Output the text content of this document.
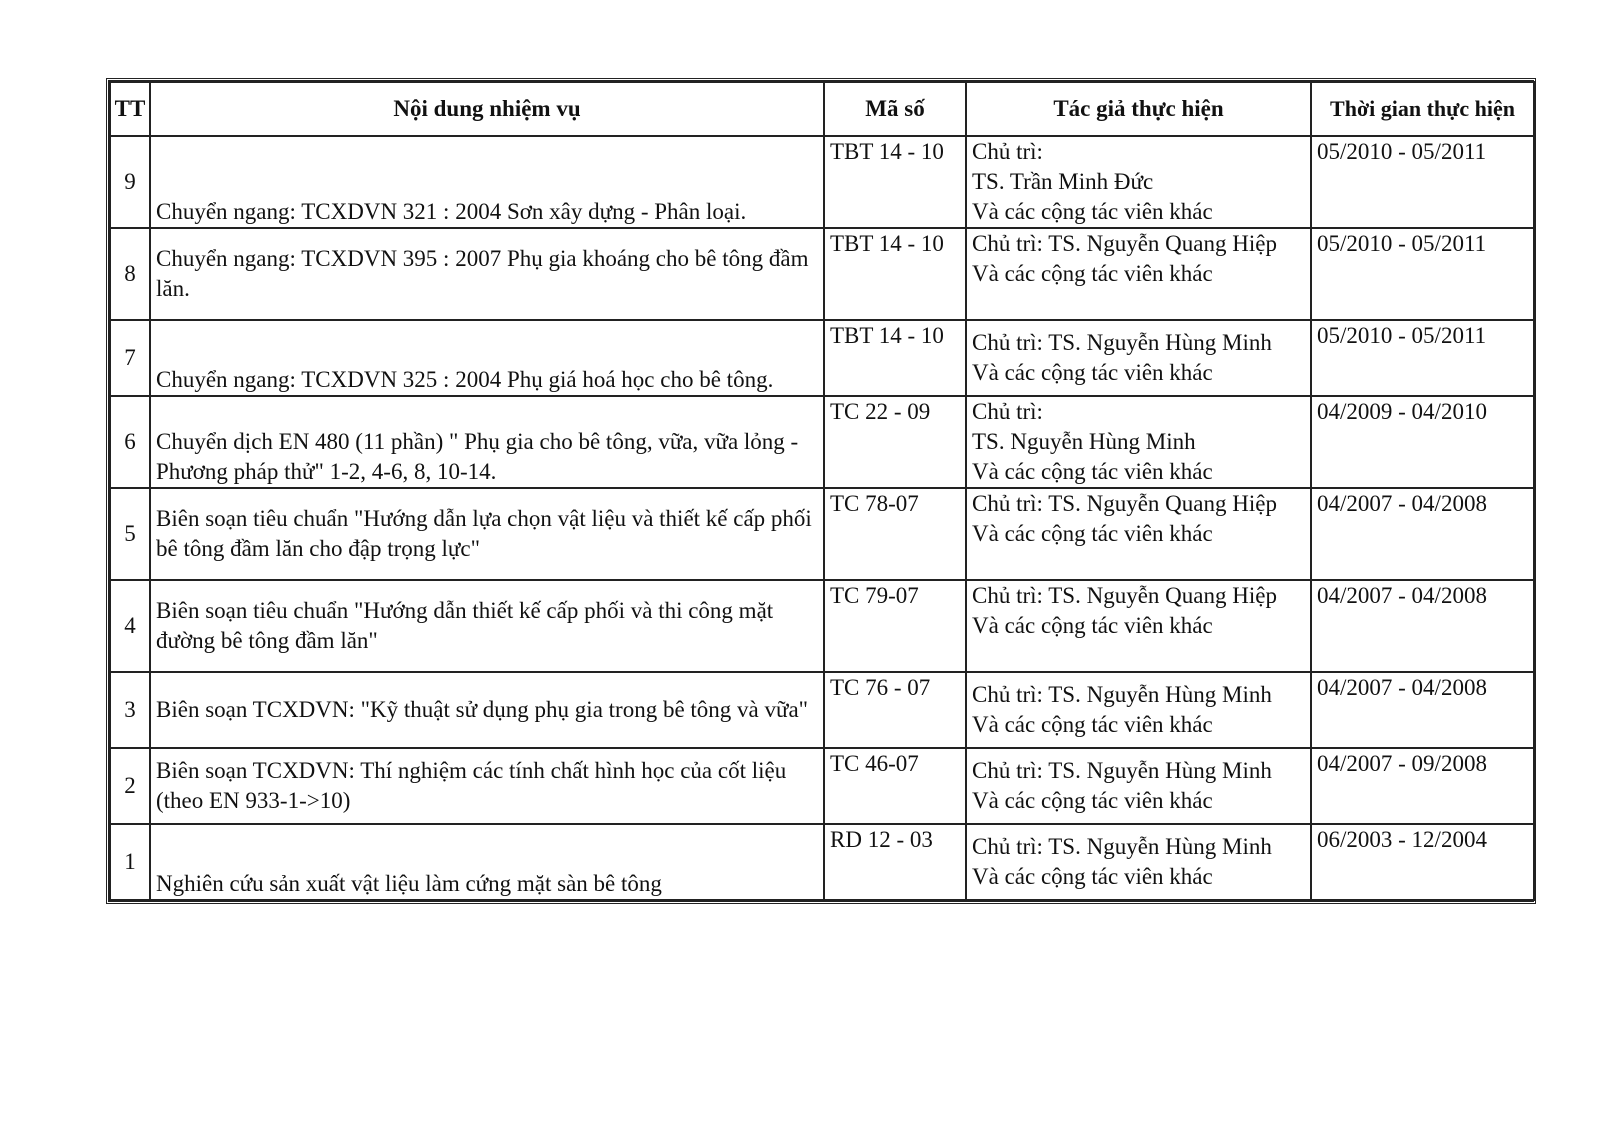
TT	Nội dung nhiệm vụ	Mã số	Tác giả thực hiện	Thời gian thực hiện
9	Chuyển ngang: TCXDVN 321 : 2004 Sơn xây dựng - Phân loại.	TBT 14 - 10	Chủ trì:
TS. Trần Minh Đức
Và các cộng tác viên khác	05/2010 - 05/2011
8	Chuyển ngang: TCXDVN 395 : 2007 Phụ gia khoáng cho bê tông đầm lăn.	TBT 14 - 10	Chủ trì: TS. Nguyễn Quang Hiệp
Và các cộng tác viên khác	05/2010 - 05/2011
7	Chuyển ngang: TCXDVN 325 : 2004 Phụ giá hoá học cho bê tông.	TBT 14 - 10	Chủ trì: TS. Nguyễn Hùng Minh
Và các cộng tác viên khác	05/2010 - 05/2011
6	Chuyển dịch EN 480 (11 phần) " Phụ gia cho bê tông, vữa, vữa lỏng - Phương pháp thử" 1-2, 4-6, 8, 10-14.	TC 22 - 09	Chủ trì:
TS. Nguyễn Hùng Minh
Và các cộng tác viên khác	04/2009 - 04/2010
5	Biên soạn tiêu chuẩn "Hướng dẫn lựa chọn vật liệu và thiết kế cấp phối bê tông đầm lăn cho đập trọng lực"	TC 78-07	Chủ trì: TS. Nguyễn Quang Hiệp
Và các cộng tác viên khác	04/2007 - 04/2008
4	Biên soạn tiêu chuẩn "Hướng dẫn thiết kế cấp phối và thi công mặt đường bê tông đầm lăn"	TC 79-07	Chủ trì: TS. Nguyễn Quang Hiệp
Và các cộng tác viên khác	04/2007 - 04/2008
3	Biên soạn TCXDVN: "Kỹ thuật sử dụng phụ gia trong bê tông và vữa"	TC 76 - 07	Chủ trì: TS. Nguyễn Hùng Minh
Và các cộng tác viên khác	04/2007 - 04/2008
2	Biên soạn TCXDVN: Thí nghiệm các tính chất hình học của cốt liệu (theo EN 933-1->10)	TC 46-07	Chủ trì: TS. Nguyễn Hùng Minh
Và các cộng tác viên khác	04/2007 - 09/2008
1	Nghiên cứu sản xuất vật liệu làm cứng mặt sàn bê tông	RD 12 - 03	Chủ trì: TS. Nguyễn Hùng Minh
Và các cộng tác viên khác	06/2003 - 12/2004
